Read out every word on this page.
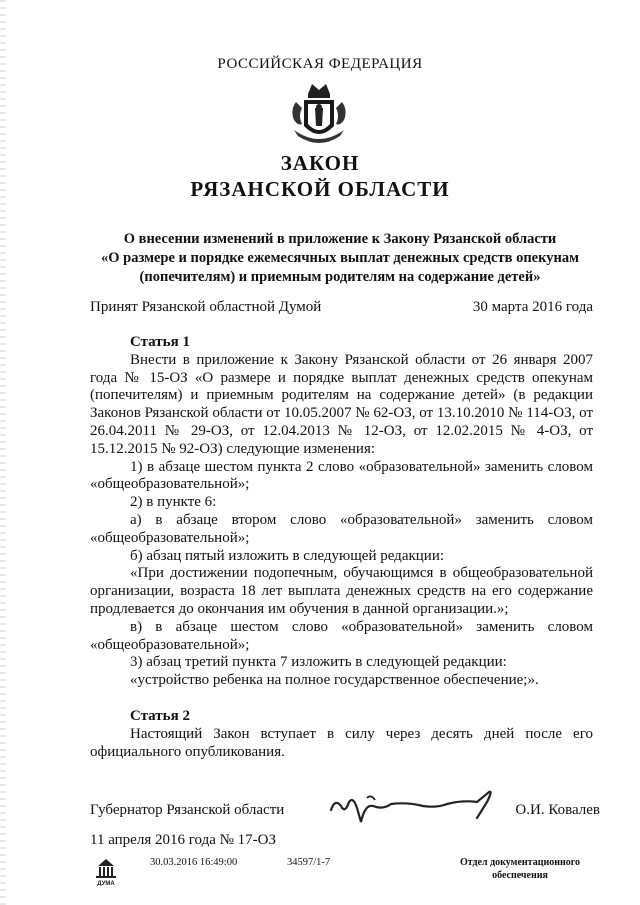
РОССИЙСКАЯ ФЕДЕРАЦИЯ
ЗАКОН
РЯЗАНСКОЙ ОБЛАСТИ
О внесении изменений в приложение к Закону Рязанской области
«О размере и порядке ежемесячных выплат денежных средств опекунам
(попечителям) и приемным родителям на содержание детей»
Принят Рязанской областной Думой	30 марта 2016 года

Статья 1

Внести в приложение к Закону Рязанской области от 26 января 2007 года № 15-ОЗ «О размере и порядке выплат денежных средств опекунам (попечителям) и приемным родителям на содержание детей» (в редакции Законов Рязанской области от 10.05.2007 № 62-ОЗ, от 13.10.2010 № 114-ОЗ, от 26.04.2011 № 29-ОЗ, от 12.04.2013 № 12-ОЗ, от 12.02.2015 № 4-ОЗ, от 15.12.2015 № 92-ОЗ) следующие изменения:

1) в абзаце шестом пункта 2 слово «образовательной» заменить словом «общеобразовательной»;

2) в пункте 6:

а) в абзаце втором слово «образовательной» заменить словом «общеобразовательной»;

б) абзац пятый изложить в следующей редакции:

«При достижении подопечным, обучающимся в общеобразовательной организации, возраста 18 лет выплата денежных средств на его содержание продлевается до окончания им обучения в данной организации.»;

в) в абзаце шестом слово «образовательной» заменить словом «общеобразовательной»;

3) абзац третий пункта 7 изложить в следующей редакции:

«устройство ребенка на полное государственное обеспечение;».

Статья 2

Настоящий Закон вступает в силу через десять дней после его официального опубликования.

Губернатор Рязанской области	О.И. Ковалев
11 апреля 2016 года № 17-ОЗ
ДУМА
30.03.2016 16:49:00	34597/1-7	Отдел документационного
обеспечения
